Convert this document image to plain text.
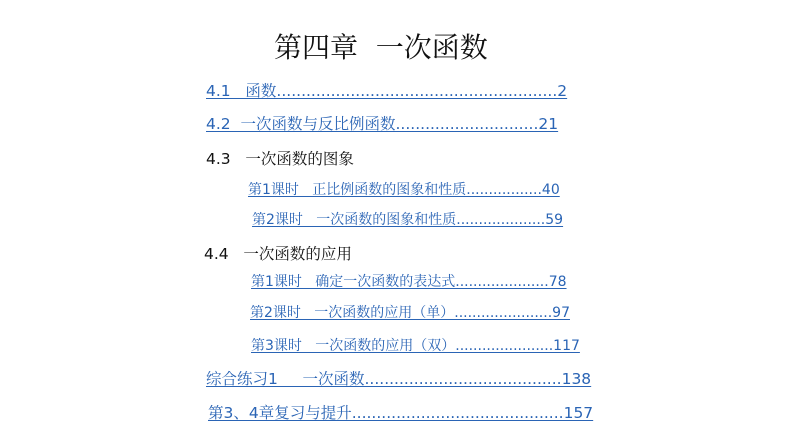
第四章  一次函数
4.1   函数.........................................................2
4.2  一次函数与反比例函数.............................21
4.3   一次函数的图象
第1课时   正比例函数的图象和性质.................40
第2课时   一次函数的图象和性质....................59
4.4   一次函数的应用
第1课时   确定一次函数的表达式.....................78
第2课时   一次函数的应用（单）......................97
第3课时   一次函数的应用（双）......................117
综合练习1     一次函数........................................138
第3、4章复习与提升...........................................157
